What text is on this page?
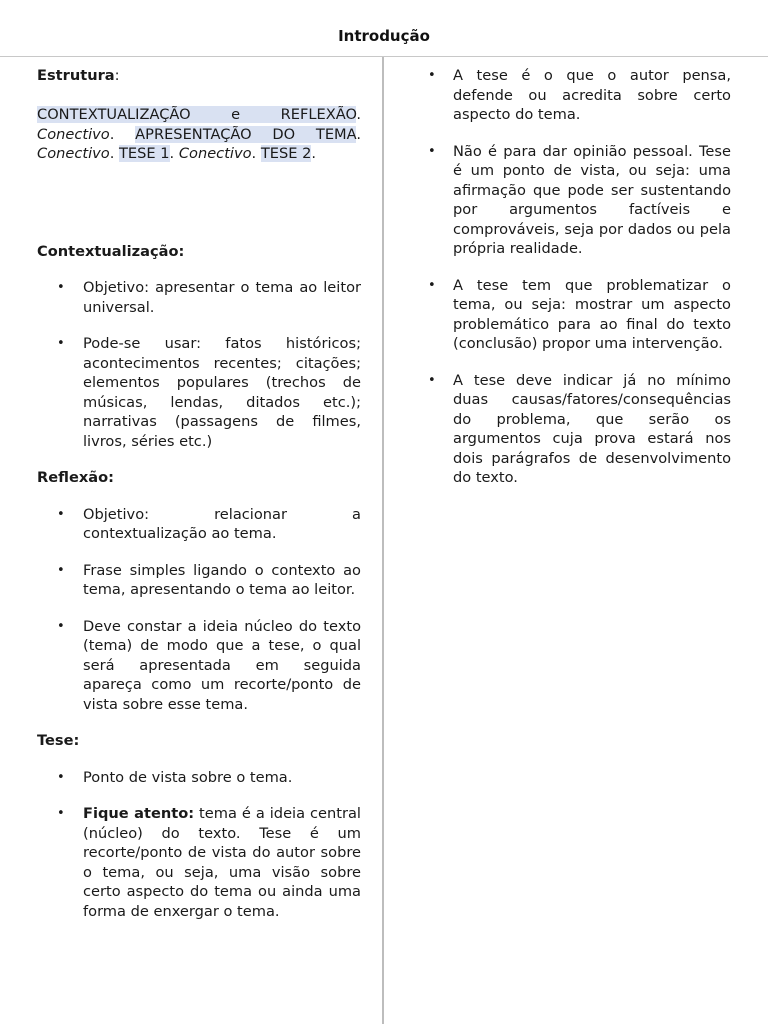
Introdução

Estrutura:

CONTEXTUALIZAÇÃO e REFLEXÃO. Conectivo. APRESENTAÇÃO DO TEMA. Conectivo. TESE 1. Conectivo. TESE 2.

Contextualização:

• Objetivo: apresentar o tema ao leitor universal.
• Pode-se usar: fatos históricos; acontecimentos recentes; citações; elementos populares (trechos de músicas, lendas, ditados etc.); narrativas (passagens de filmes, livros, séries etc.)

Reflexão:

• Objetivo: relacionar a contextualização ao tema.
• Frase simples ligando o contexto ao tema, apresentando o tema ao leitor.
• Deve constar a ideia núcleo do texto (tema) de modo que a tese, o qual será apresentada em seguida apareça como um recorte/ponto de vista sobre esse tema.

Tese:

• Ponto de vista sobre o tema.
• Fique atento: tema é a ideia central (núcleo) do texto. Tese é um recorte/ponto de vista do autor sobre o tema, ou seja, uma visão sobre certo aspecto do tema ou ainda uma forma de enxergar o tema.
• A tese é o que o autor pensa, defende ou acredita sobre certo aspecto do tema.
• Não é para dar opinião pessoal. Tese é um ponto de vista, ou seja: uma afirmação que pode ser sustentando por argumentos factíveis e comprováveis, seja por dados ou pela própria realidade.
• A tese tem que problematizar o tema, ou seja: mostrar um aspecto problemático para ao final do texto (conclusão) propor uma intervenção.
• A tese deve indicar já no mínimo duas causas/fatores/consequências do problema, que serão os argumentos cuja prova estará nos dois parágrafos de desenvolvimento do texto.
